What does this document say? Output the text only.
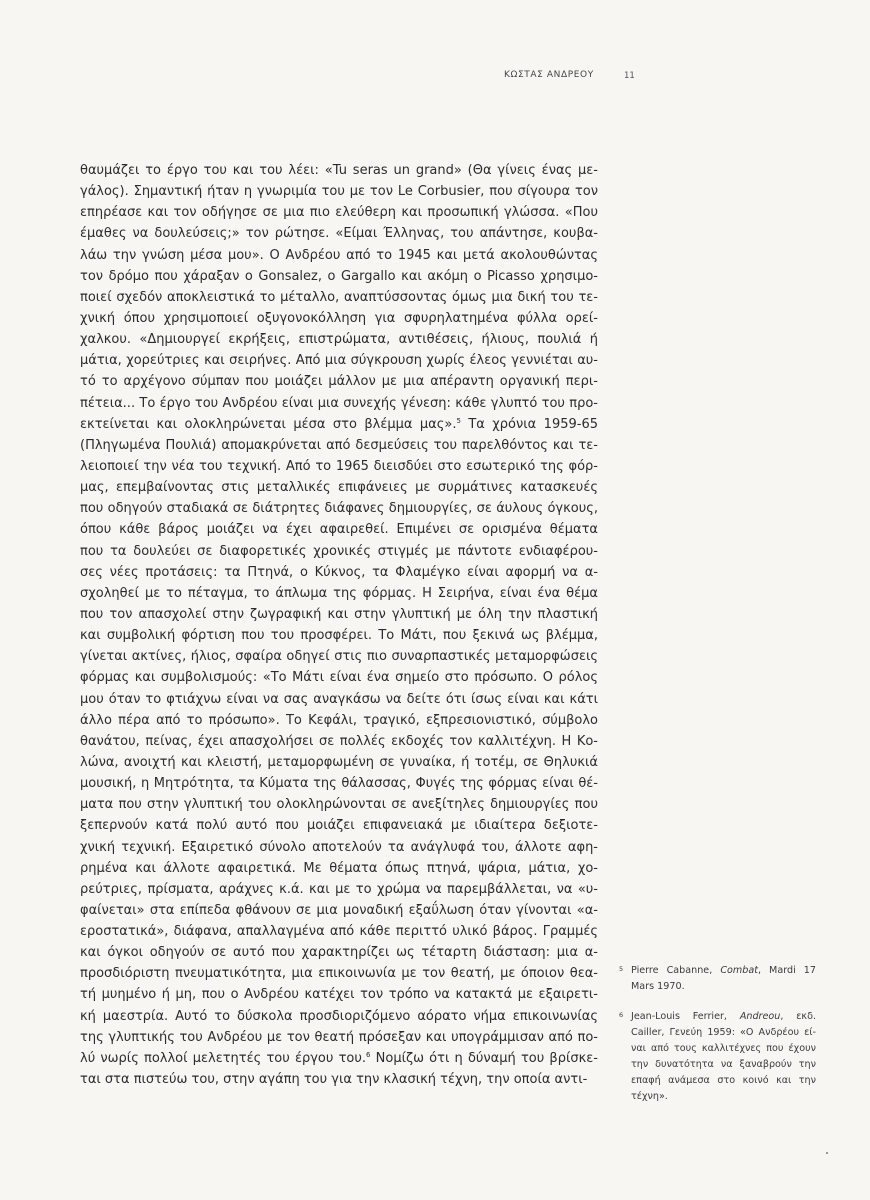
ΚΩΣΤΑΣ ΑΝΔΡΕΟΥ	11
θαυμάζει το έργο του και του λέει: «Tu seras un grand» (Θα γίνεις ένας με-
γάλος). Σημαντική ήταν η γνωριμία του με τον Le Corbusier, που σίγουρα τον
επηρέασε και τον οδήγησε σε μια πιο ελεύθερη και προσωπική γλώσσα. «Που
έμαθες να δουλεύσεις;» τον ρώτησε. «Είμαι Έλληνας, του απάντησε, κουβα-
λάω την γνώση μέσα μου». Ο Ανδρέου από το 1945 και μετά ακολουθώντας
τον δρόμο που χάραξαν ο Gonsalez, ο Gargallo και ακόμη ο Picasso χρησιμο-
ποιεί σχεδόν αποκλειστικά το μέταλλο, αναπτύσσοντας όμως μια δική του τε-
χνική όπου χρησιμοποιεί οξυγονοκόλληση για σφυρηλατημένα φύλλα ορεί-
χαλκου. «Δημιουργεί εκρήξεις, επιστρώματα, αντιθέσεις, ήλιους, πουλιά ή
μάτια, χορεύτριες και σειρήνες. Από μια σύγκρουση χωρίς έλεος γεννιέται αυ-
τό το αρχέγονο σύμπαν που μοιάζει μάλλον με μια απέραντη οργανική περι-
πέτεια... Το έργο του Ανδρέου είναι μια συνεχής γένεση: κάθε γλυπτό του προ-
εκτείνεται και ολοκληρώνεται μέσα στο βλέμμα μας».$^5$ Τα χρόνια 1959-65
(Πληγωμένα Πουλιά) απομακρύνεται από δεσμεύσεις του παρελθόντος και τε-
λειοποιεί την νέα του τεχνική. Από το 1965 διεισδύει στο εσωτερικό της φόρ-
μας, επεμβαίνοντας στις μεταλλικές επιφάνειες με συρμάτινες κατασκευές
που οδηγούν σταδιακά σε διάτρητες διάφανες δημιουργίες, σε άυλους όγκους,
όπου κάθε βάρος μοιάζει να έχει αφαιρεθεί. Επιμένει σε ορισμένα θέματα
που τα δουλεύει σε διαφορετικές χρονικές στιγμές με πάντοτε ενδιαφέρου-
σες νέες προτάσεις: τα Πτηνά, ο Κύκνος, τα Φλαμέγκο είναι αφορμή να α-
σχοληθεί με το πέταγμα, το άπλωμα της φόρμας. Η Σειρήνα, είναι ένα θέμα
που τον απασχολεί στην ζωγραφική και στην γλυπτική με όλη την πλαστική
και συμβολική φόρτιση που του προσφέρει. Το Μάτι, που ξεκινά ως βλέμμα,
γίνεται ακτίνες, ήλιος, σφαίρα οδηγεί στις πιο συναρπαστικές μεταμορφώσεις
φόρμας και συμβολισμούς: «Το Μάτι είναι ένα σημείο στο πρόσωπο. Ο ρόλος
μου όταν το φτιάχνω είναι να σας αναγκάσω να δείτε ότι ίσως είναι και κάτι
άλλο πέρα από το πρόσωπο». Το Κεφάλι, τραγικό, εξπρεσιονιστικό, σύμβολο
θανάτου, πείνας, έχει απασχολήσει σε πολλές εκδοχές τον καλλιτέχνη. Η Κο-
λώνα, ανοιχτή και κλειστή, μεταμορφωμένη σε γυναίκα, ή τοτέμ, σε Θηλυκιά
μουσική, η Μητρότητα, τα Κύματα της θάλασσας, Φυγές της φόρμας είναι θέ-
ματα που στην γλυπτική του ολοκληρώνονται σε ανεξίτηλες δημιουργίες που
ξεπερνούν κατά πολύ αυτό που μοιάζει επιφανειακά με ιδιαίτερα δεξιοτε-
χνική τεχνική. Εξαιρετικό σύνολο αποτελούν τα ανάγλυφά του, άλλοτε αφη-
ρημένα και άλλοτε αφαιρετικά. Με θέματα όπως πτηνά, ψάρια, μάτια, χο-
ρεύτριες, πρίσματα, αράχνες κ.ά. και με το χρώμα να παρεμβάλλεται, να «υ-
φαίνεται» στα επίπεδα φθάνουν σε μια μοναδική εξαΰλωση όταν γίνονται «α-
εροστατικά», διάφανα, απαλλαγμένα από κάθε περιττό υλικό βάρος. Γραμμές
και όγκοι οδηγούν σε αυτό που χαρακτηρίζει ως τέταρτη διάσταση: μια α-
προσδιόριστη πνευματικότητα, μια επικοινωνία με τον θεατή, με όποιον θεα-
τή μυημένο ή μη, που ο Ανδρέου κατέχει τον τρόπο να κατακτά με εξαιρετι-
κή μαεστρία. Αυτό το δύσκολα προσδιοριζόμενο αόρατο νήμα επικοινωνίας
της γλυπτικής του Ανδρέου με τον θεατή πρόσεξαν και υπογράμμισαν από πο-
λύ νωρίς πολλοί μελετητές του έργου του.$^6$ Νομίζω ότι η δύναμή του βρίσκε-
ται στα πιστεύω του, στην αγάπη του για την κλασική τέχνη, την οποία αντι-
5 Pierre Cabanne, Combat, Mardi 17
Mars 1970.
6 Jean-Louis Ferrier, Andreou, εκδ.
Cailler, Γενεύη 1959: «Ο Ανδρέου εί-
ναι από τους καλλιτέχνες που έχουν
την δυνατότητα να ξαναβρούν την
επαφή ανάμεσα στο κοινό και την
τέχνη».
